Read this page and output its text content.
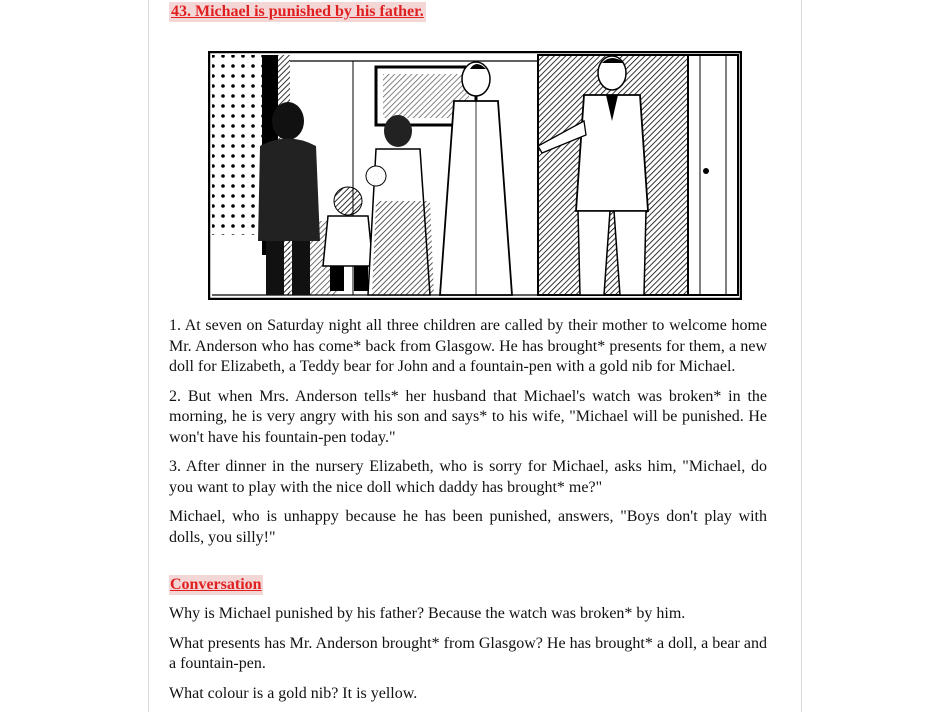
43. Michael is punished by his father.

1. At seven on Saturday night all three children are called by their mother to welcome home Mr. Anderson who has come* back from Glasgow. He has brought* presents for them, a new doll for Elizabeth, a Teddy bear for John and a fountain-pen with a gold nib for Michael.

2. But when Mrs. Anderson tells* her husband that Michael's watch was broken* in the morning, he is very angry with his son and says* to his wife, "Michael will be punished. He won't have his fountain-pen today."

3. After dinner in the nursery Elizabeth, who is sorry for Michael, asks him, "Michael, do you want to play with the nice doll which daddy has brought* me?"

Michael, who is unhappy because he has been punished, answers, "Boys don't play with dolls, you silly!"

Conversation

Why is Michael punished by his father? Because the watch was broken* by him.

What presents has Mr. Anderson brought* from Glasgow? He has brought* a doll, a bear and a fountain-pen.

What colour is a gold nib? It is yellow.
